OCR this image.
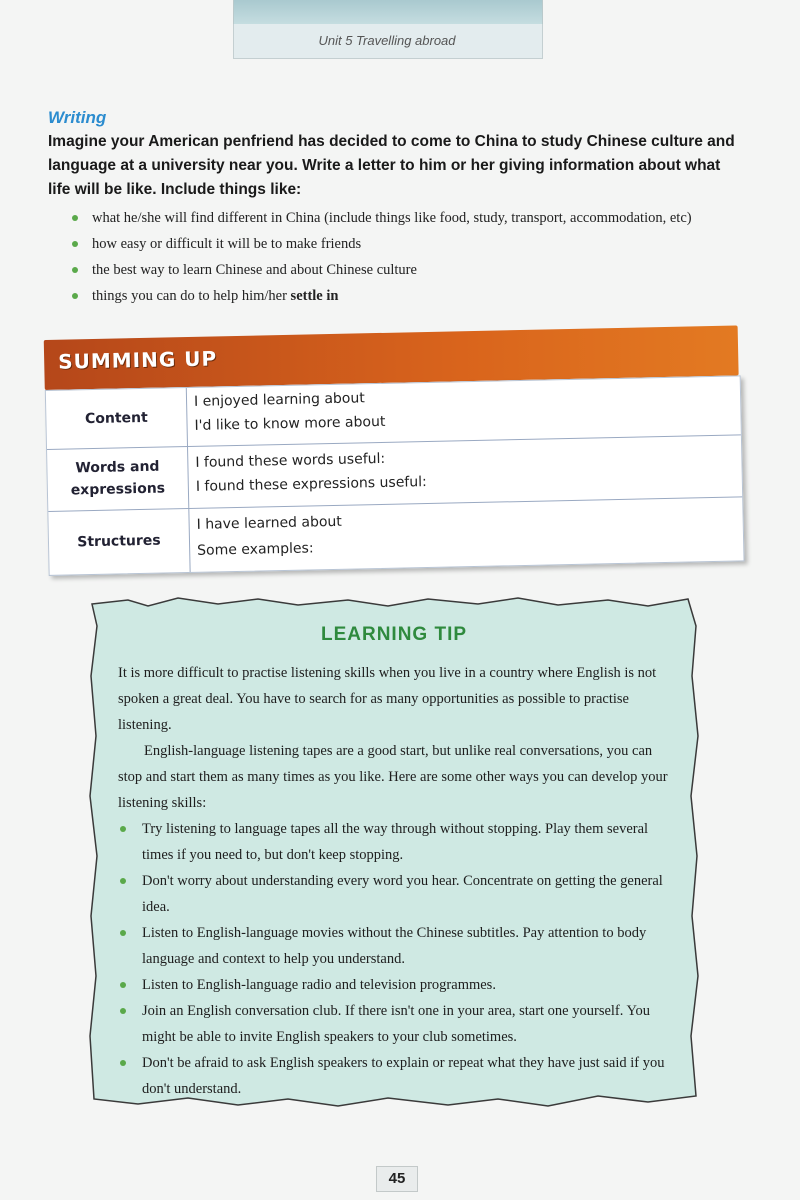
Unit 5 Travelling abroad
Writing
Imagine your American penfriend has decided to come to China to study Chinese culture and language at a university near you. Write a letter to him or her giving information about what life will be like. Include things like:
what he/she will find different in China (include things like food, study, transport, accommodation, etc)
how easy or difficult it will be to make friends
the best way to learn Chinese and about Chinese culture
things you can do to help him/her settle in
SUMMING UP
Content
I enjoyed learning about
I'd like to know more about
Words and expressions
I found these words useful:
I found these expressions useful:
Structures
I have learned about
Some examples:
LEARNING TIP

It is more difficult to practise listening skills when you live in a country where English is not spoken a great deal. You have to search for as many opportunities as possible to practise listening.

English-language listening tapes are a good start, but unlike real conversations, you can stop and start them as many times as you like. Here are some other ways you can develop your listening skills:

Try listening to language tapes all the way through without stopping. Play them several times if you need to, but don't keep stopping.
Don't worry about understanding every word you hear. Concentrate on getting the general idea.
Listen to English-language movies without the Chinese subtitles. Pay attention to body language and context to help you understand.
Listen to English-language radio and television programmes.
Join an English conversation club. If there isn't one in your area, start one yourself. You might be able to invite English speakers to your club sometimes.
Don't be afraid to ask English speakers to explain or repeat what they have just said if you don't understand.
45
